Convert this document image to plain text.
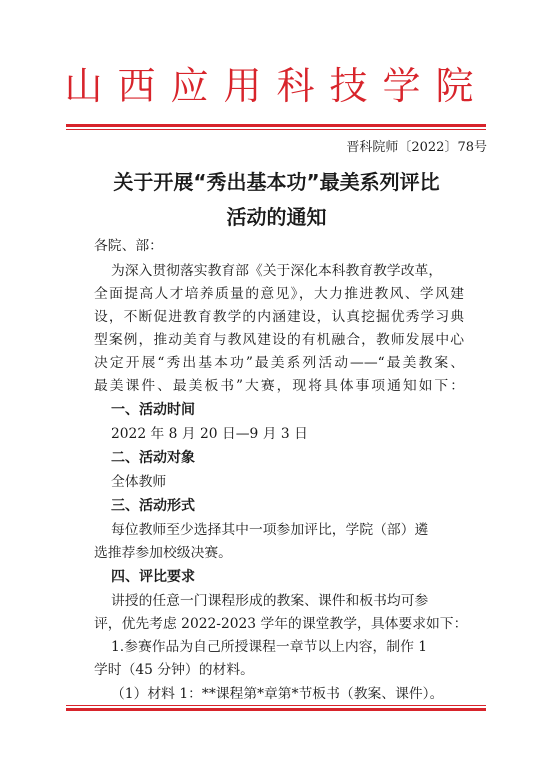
山西应用科技学院
晋科院师〔2022〕78号
关于开展“秀出基本功”最美系列评比
活动的通知
各院、部：
为深入贯彻落实教育部《关于深化本科教育教学改革，
全面提高人才培养质量的意见》，大力推进教风、学风建
设，不断促进教育教学的内涵建设，认真挖掘优秀学习典
型案例，推动美育与教风建设的有机融合，教师发展中心
决定开展“秀出基本功”最美系列活动——“最美教案、
最美课件、最美板书”大赛，现将具体事项通知如下：
一、活动时间
2022 年 8 月 20 日—9 月 3 日
二、活动对象
全体教师
三、活动形式
每位教师至少选择其中一项参加评比，学院（部）遴
选推荐参加校级决赛。
四、评比要求
讲授的任意一门课程形成的教案、课件和板书均可参
评，优先考虑 2022-2023 学年的课堂教学，具体要求如下：
1.参赛作品为自己所授课程一章节以上内容，制作 1
学时（45 分钟）的材料。
（1）材料 1：**课程第*章第*节板书（教案、课件）。
